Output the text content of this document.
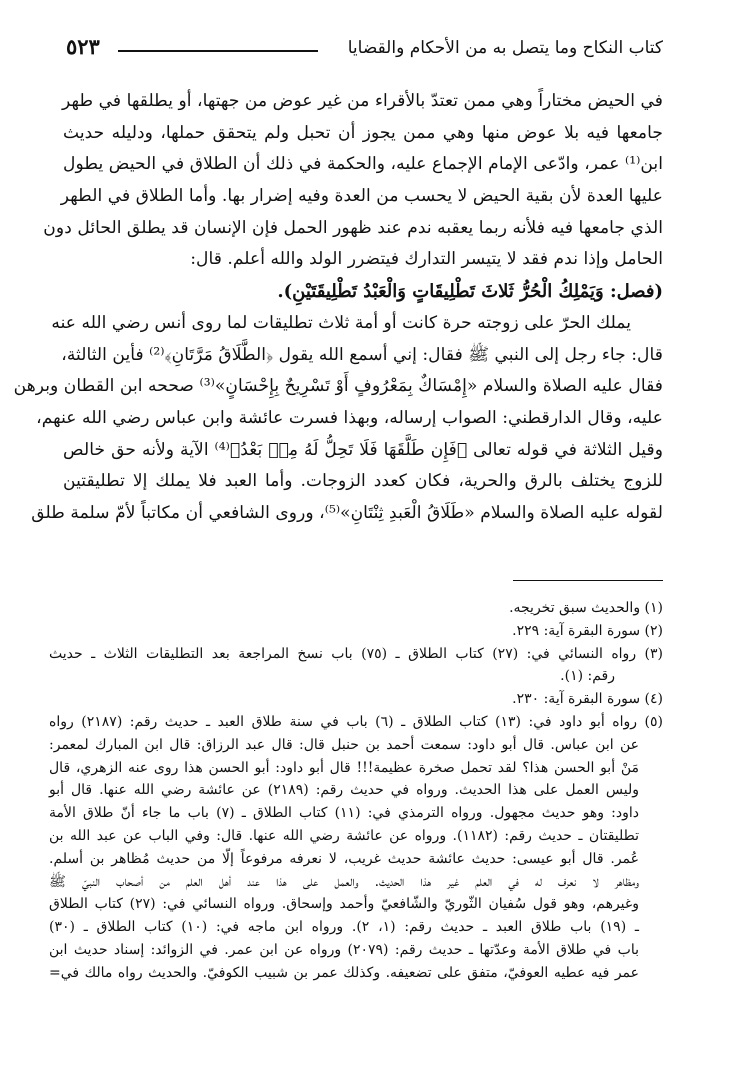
كتاب النكاح وما يتصل به من الأحكام والقضايا
٥٢٣
في الحيض مختاراً وهي ممن تعتدّ بالأقراء من غير عوض من جهتها، أو يطلقها في طهر
جامعها فيه بلا عوض منها وهي ممن يجوز أن تحبل ولم يتحقق حملها، ودليله حديث
ابن⁽¹⁾ عمر، وادّعى الإمام الإجماع عليه، والحكمة في ذلك أن الطلاق في الحيض يطول
عليها العدة لأن بقية الحيض لا يحسب من العدة وفيه إضرار بها. وأما الطلاق في الطهر
الذي جامعها فيه فلأنه ربما يعقبه ندم عند ظهور الحمل فإن الإنسان قد يطلق الحائل دون
الحامل وإذا ندم فقد لا يتيسر التدارك فيتضرر الولد والله أعلم. قال:
(فصل: وَيَمْلِكُ الْحُرُّ ثَلاثَ تَطْلِيقَاتٍ وَالْعَبْدُ تَطْلِيقَتَيْنِ).
يملك الحرّ على زوجته حرة كانت أو أمة ثلاث تطليقات لما روى أنس رضي الله عنه
قال: جاء رجل إلى النبي ﷺ فقال: إني أسمع الله يقول ﴿الطَّلَاقُ مَرَّتَانِ﴾⁽²⁾ فأين الثالثة،
فقال عليه الصلاة والسلام «إِمْسَاكٌ بِمَعْرُوفٍ أَوْ تَسْرِيحٌ بِإِحْسَانٍ»⁽³⁾ صححه ابن القطان وبرهن
عليه، وقال الدارقطني: الصواب إرساله، وبهذا فسرت عائشة وابن عباس رضي الله عنهم،
وقيل الثلاثة في قوله تعالى ﴿فَإِن طَلَّقَهَا فَلَا تَحِلُّ لَهُ مِنۢ بَعْدُ﴾⁽⁴⁾ الآية ولأنه حق خالص
للزوج يختلف بالرق والحرية، فكان كعدد الزوجات. وأما العبد فلا يملك إلا تطليقتين
لقوله عليه الصلاة والسلام «طَلَاقُ الْعَبدِ ثِنْتَانِ»⁽⁵⁾، وروى الشافعي أن مكاتباً لأمّ سلمة طلق
(١) والحديث سبق تخريجه.
(٢) سورة البقرة آية: ٢٢٩.
(٣) رواه النسائي في: (٢٧) كتاب الطلاق ـ (٧٥) باب نسخ المراجعة بعد التطليقات الثلاث ـ حديث
رقم: (١).
(٤) سورة البقرة آية: ٢٣٠.
(٥) رواه أبو داود في: (١٣) كتاب الطلاق ـ (٦) باب في سنة طلاق العبد ـ حديث رقم: (٢١٨٧) رواه
عن ابن عباس. قال أبو داود: سمعت أحمد بن حنبل قال: قال عبد الرزاق: قال ابن المبارك لمعمر:
مَنْ أبو الحسن هذا؟ لقد تحمل صخرة عظيمة!!! قال أبو داود: أبو الحسن هذا روى عنه الزهري، قال
وليس العمل على هذا الحديث. ورواه في حديث رقم: (٢١٨٩) عن عائشة رضي الله عنها. قال أبو
داود: وهو حديث مجهول. ورواه الترمذي في: (١١) كتاب الطلاق ـ (٧) باب ما جاء أنّ طلاق الأمة
تطليقتان ـ حديث رقم: (١١٨٢). ورواه عن عائشة رضي الله عنها. قال: وفي الباب عن عبد الله بن
عُمر. قال أبو عيسى: حديث عائشة حديث غريب، لا نعرفه مرفوعاً إلّا من حديث مُظاهر بن أسلم.
ومظاهر لا نعرف له في العلم غير هذا الحديث. والعمل على هذا عند أهل العلم من أصحاب النبيّ ﷺ
وغيرهم، وهو قول سُفيان الثّوريّ والشّافعيّ وأحمد وإسحاق. ورواه النسائي في: (٢٧) كتاب الطلاق
ـ (١٩) باب طلاق العبد ـ حديث رقم: (١، ٢). ورواه ابن ماجه في: (١٠) كتاب الطلاق ـ (٣٠)
باب في طلاق الأمة وعدّتها ـ حديث رقم: (٢٠٧٩) ورواه عن ابن عمر. في الزوائد: إسناد حديث ابن
عمر فيه عطيه العوفيّ، متفق على تضعيفه. وكذلك عمر بن شبيب الكوفيّ. والحديث رواه مالك في=
